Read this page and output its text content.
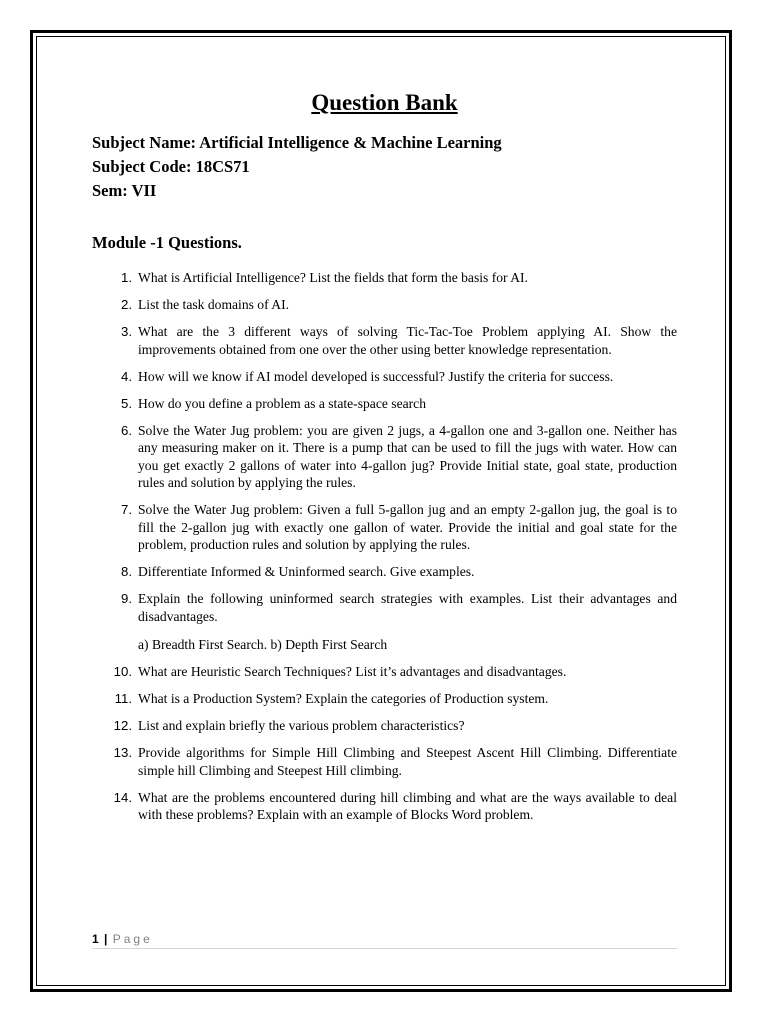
Question Bank
Subject Name: Artificial Intelligence & Machine Learning
Subject Code: 18CS71
Sem: VII
Module -1 Questions.
1. What is Artificial Intelligence? List the fields that form the basis for AI.
2. List the task domains of AI.
3. What are the 3 different ways of solving Tic-Tac-Toe Problem applying AI. Show the improvements obtained from one over the other using better knowledge representation.
4. How will we know if AI model developed is successful? Justify the criteria for success.
5. How do you define a problem as a state-space search
6. Solve the Water Jug problem: you are given 2 jugs, a 4-gallon one and 3-gallon one. Neither has any measuring maker on it. There is a pump that can be used to fill the jugs with water. How can you get exactly 2 gallons of water into 4-gallon jug? Provide Initial state, goal state, production rules and solution by applying the rules.
7. Solve the Water Jug problem: Given a full 5-gallon jug and an empty 2-gallon jug, the goal is to fill the 2-gallon jug with exactly one gallon of water. Provide the initial and goal state for the problem, production rules and solution by applying the rules.
8. Differentiate Informed & Uninformed search. Give examples.
9. Explain the following uninformed search strategies with examples. List their advantages and disadvantages.
a) Breadth First Search. b) Depth First Search
10. What are Heuristic Search Techniques? List it’s advantages and disadvantages.
11. What is a Production System? Explain the categories of Production system.
12. List and explain briefly the various problem characteristics?
13. Provide algorithms for Simple Hill Climbing and Steepest Ascent Hill Climbing. Differentiate simple hill Climbing and Steepest Hill climbing.
14. What are the problems encountered during hill climbing and what are the ways available to deal with these problems? Explain with an example of Blocks Word problem.
1 | Page
